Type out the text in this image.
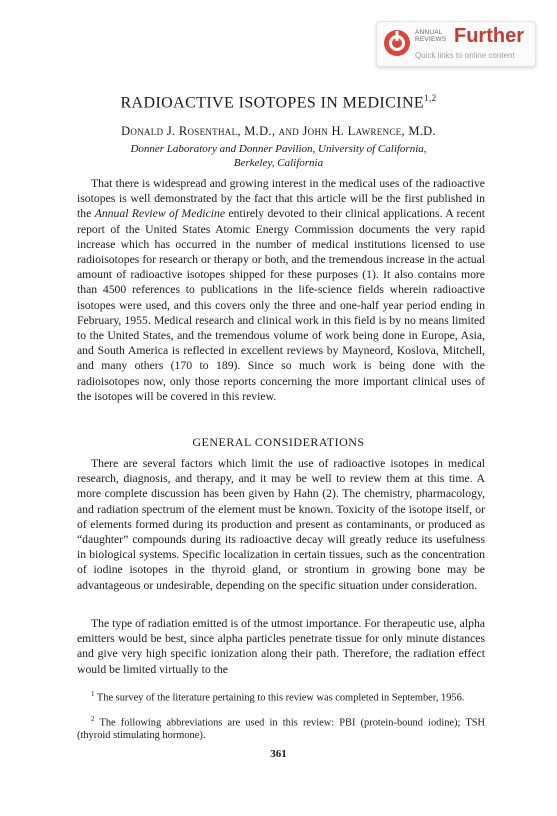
ANNUAL
REVIEWS Further
Quick links to online content
RADIOACTIVE ISOTOPES IN MEDICINE$^{1,2}$
Donald J. Rosenthal, M.D., and John H. Lawrence, M.D.
Donner Laboratory and Donner Pavilion, University of California,
Berkeley, California

That there is widespread and growing interest in the medical uses of the radioactive isotopes is well demonstrated by the fact that this article will be the first published in the Annual Review of Medicine entirely devoted to their clinical applications. A recent report of the United States Atomic Energy Commission documents the very rapid increase which has occurred in the number of medical institutions licensed to use radioisotopes for research or therapy or both, and the tremendous increase in the actual amount of radioactive isotopes shipped for these purposes (1). It also contains more than 4500 references to publications in the life-science fields wherein radioactive isotopes were used, and this covers only the three and one-half year period ending in February, 1955. Medical research and clinical work in this field is by no means limited to the United States, and the tremendous volume of work being done in Europe, Asia, and South America is reflected in excellent reviews by Mayneord, Koslova, Mitchell, and many others (170 to 189). Since so much work is being done with the radioisotopes now, only those reports concerning the more important clinical uses of the isotopes will be covered in this review.

GENERAL CONSIDERATIONS

There are several factors which limit the use of radioactive isotopes in medical research, diagnosis, and therapy, and it may be well to review them at this time. A more complete discussion has been given by Hahn (2). The chemistry, pharmacology, and radiation spectrum of the element must be known. Toxicity of the isotope itself, or of elements formed during its production and present as contaminants, or produced as “daughter” compounds during its radioactive decay will greatly reduce its usefulness in biological systems. Specific localization in certain tissues, such as the concentration of iodine isotopes in the thyroid gland, or strontium in growing bone may be advantageous or undesirable, depending on the specific situation under consideration.

The type of radiation emitted is of the utmost importance. For therapeutic use, alpha emitters would be best, since alpha particles penetrate tissue for only minute distances and give very high specific ionization along their path. Therefore, the radiation effect would be limited virtually to the

$^1$ The survey of the literature pertaining to this review was completed in September, 1956.
$^2$ The following abbreviations are used in this review: PBI (protein-bound iodine); TSH (thyroid stimulating hormone).
361
